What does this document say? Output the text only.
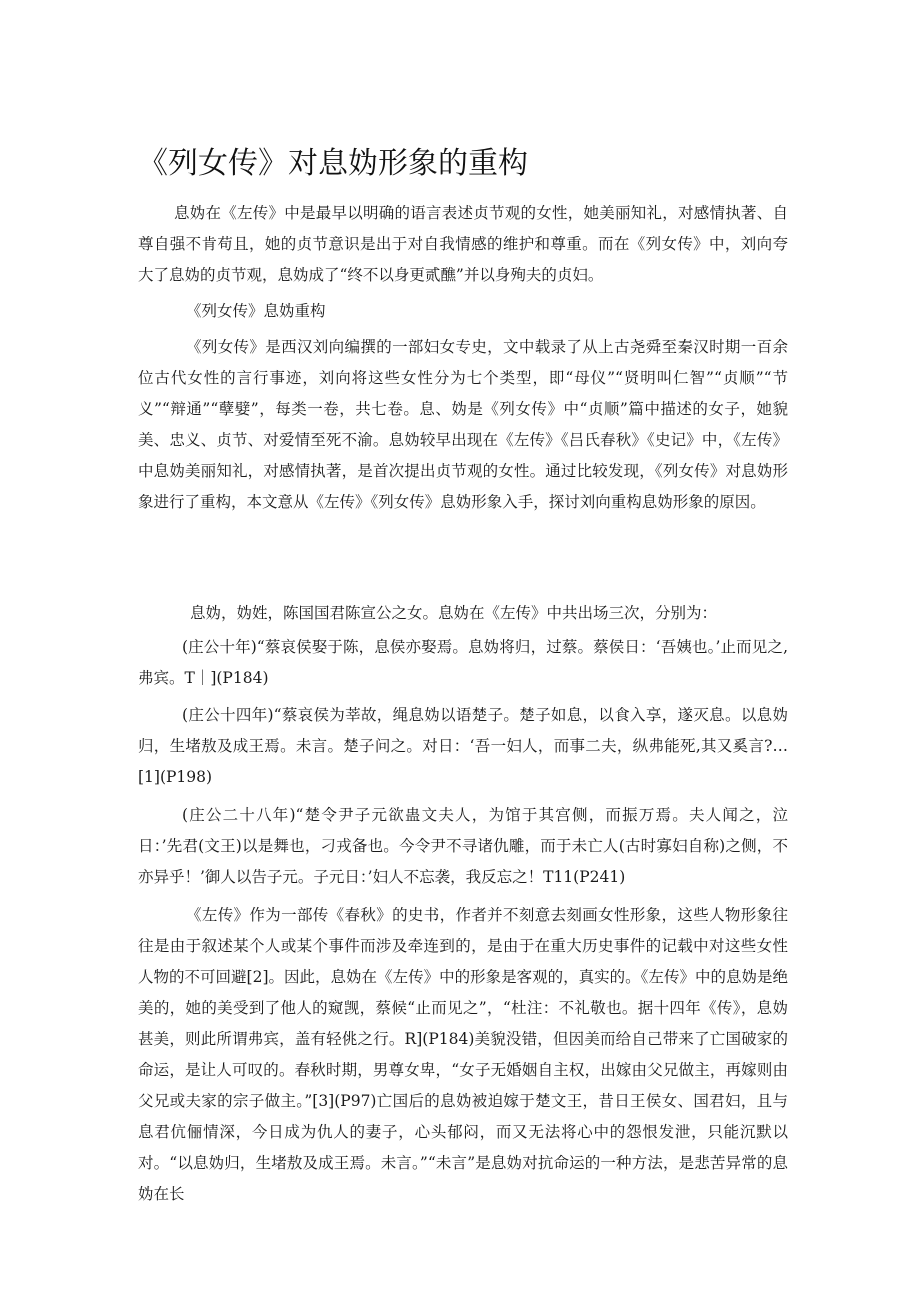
《列女传》对息妫形象的重构

息妫在《左传》中是最早以明确的语言表述贞节观的女性，她美丽知礼，对感情执著、自尊自强不肯苟且，她的贞节意识是出于对自我情感的维护和尊重。而在《列女传》中，刘向夸大了息妫的贞节观，息妫成了“终不以身更贰醮”并以身殉夫的贞妇。

《列女传》息妫重构

《列女传》是西汉刘向编撰的一部妇女专史，文中载录了从上古尧舜至秦汉时期一百余位古代女性的言行事迹，刘向将这些女性分为七个类型，即“母仪”“贤明叫仁智”“贞顺”“节义”“辩通”“孽嬖”，每类一卷，共七卷。息、妫是《列女传》中“贞顺”篇中描述的女子，她貌美、忠义、贞节、对爱情至死不渝。息妫较早出现在《左传》《吕氏春秋》《史记》中，《左传》中息妫美丽知礼，对感情执著，是首次提出贞节观的女性。通过比较发现，《列女传》对息妫形象进行了重构，本文意从《左传》《列女传》息妫形象入手，探讨刘向重构息妫形象的原因。

息妫，妫姓，陈国国君陈宣公之女。息妫在《左传》中共出场三次，分别为：

(庄公十年)“蔡哀侯娶于陈，息侯亦娶焉。息妫将归，过蔡。蔡侯日：‘吾姨也。’止而见之,弗宾。T｜](P184)

(庄公十四年)“蔡哀侯为莘故，绳息妫以语楚子。楚子如息，以食入享，遂灭息。以息妫归，生堵敖及成王焉。未言。楚子问之。对日：‘吾一妇人，而事二夫，纵弗能死,其又奚言?…[1](P198)

(庄公二十八年)“楚令尹子元欲蛊文夫人，为馆于其宫侧，而振万焉。夫人闻之，泣日：’先君(文王)以是舞也，刁戎备也。今令尹不寻诸仇雕，而于未亡人(古时寡妇自称)之侧，不亦异乎！’御人以告子元。子元日：’妇人不忘袭，我反忘之！T11(P241)

《左传》作为一部传《春秋》的史书，作者并不刻意去刻画女性形象，这些人物形象往往是由于叙述某个人或某个事件而涉及牵连到的，是由于在重大历史事件的记载中对这些女性人物的不可回避[2]。因此，息妫在《左传》中的形象是客观的，真实的。《左传》中的息妫是绝美的，她的美受到了他人的窥觊，蔡候“止而见之”，“杜注：不礼敬也。据十四年《传》，息妫甚美，则此所谓弗宾，盖有轻佻之行。R](P184)美貌没错，但因美而给自己带来了亡国破家的命运，是让人可叹的。春秋时期，男尊女卑，“女子无婚姻自主权，出嫁由父兄做主，再嫁则由父兄或夫家的宗子做主。”[3](P97)亡国后的息妫被迫嫁于楚文王，昔日王侯女、国君妇，且与息君伉俪情深，今日成为仇人的妻子，心头郁闷，而又无法将心中的怨恨发泄，只能沉默以对。“以息妫归，生堵敖及成王焉。未言。”“未言”是息妫对抗命运的一种方法，是悲苦异常的息妫在长
